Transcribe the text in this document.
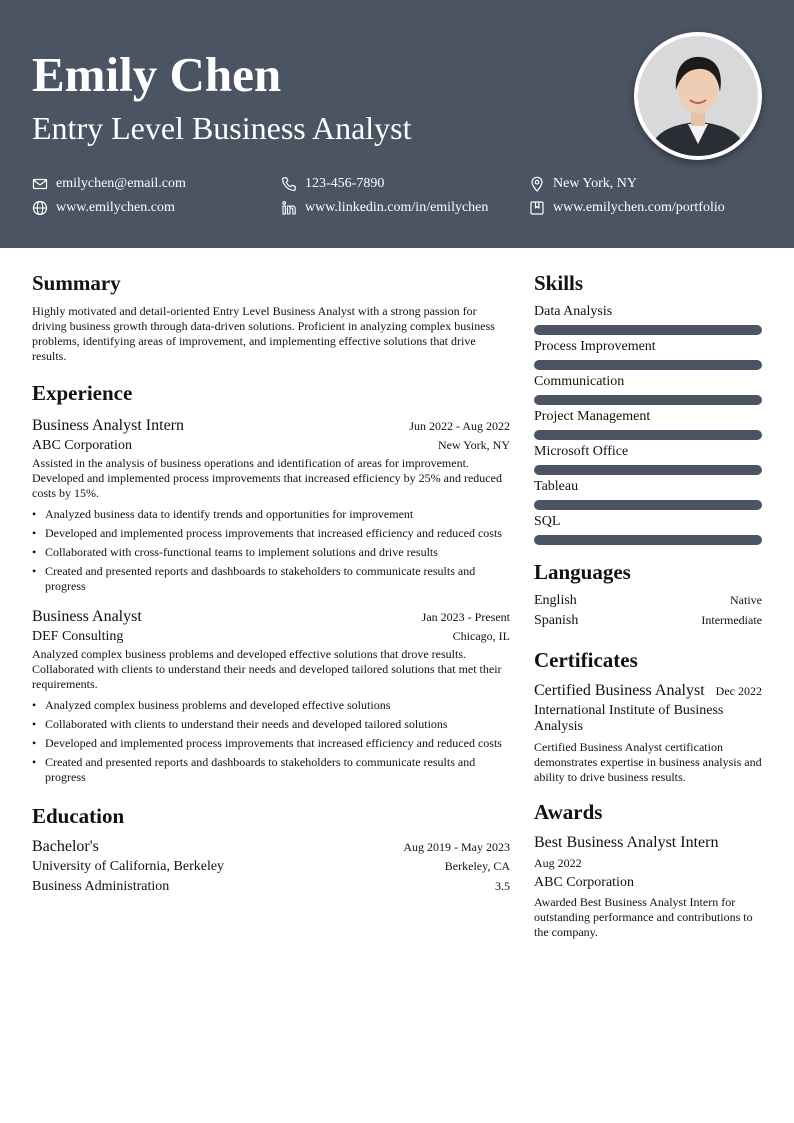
Emily Chen
Entry Level Business Analyst
emilychen@email.com	123-456-7890	New York, NY
www.emilychen.com	www.linkedin.com/in/emilychen	www.emilychen.com/portfolio
Summary

Highly motivated and detail-oriented Entry Level Business Analyst with a strong passion for driving business growth through data-driven solutions. Proficient in analyzing complex business problems, identifying areas of improvement, and implementing effective solutions that drive results.

Experience
Business Analyst Intern	Jun 2022 - Aug 2022
ABC Corporation	New York, NY

Assisted in the analysis of business operations and identification of areas for improvement. Developed and implemented process improvements that increased efficiency by 25% and reduced costs by 15%.

• Analyzed business data to identify trends and opportunities for improvement
• Developed and implemented process improvements that increased efficiency and reduced costs
• Collaborated with cross-functional teams to implement solutions and drive results
• Created and presented reports and dashboards to stakeholders to communicate results and progress
Business Analyst	Jan 2023 - Present
DEF Consulting	Chicago, IL

Analyzed complex business problems and developed effective solutions that drove results. Collaborated with clients to understand their needs and developed tailored solutions that met their requirements.

• Analyzed complex business problems and developed effective solutions
• Collaborated with clients to understand their needs and developed tailored solutions
• Developed and implemented process improvements that increased efficiency and reduced costs
• Created and presented reports and dashboards to stakeholders to communicate results and progress
Education
Bachelor's	Aug 2019 - May 2023
University of California, Berkeley	Berkeley, CA
Business Administration	3.5
Skills
Data Analysis
Process Improvement
Communication
Project Management
Microsoft Office
Tableau
SQL
Languages
English	Native
Spanish	Intermediate
Certificates
Certified Business Analyst Dec 2022
International Institute of Business Analysis

Certified Business Analyst certification demonstrates expertise in business analysis and ability to drive business results.

Awards
Best Business Analyst Intern
Aug 2022
ABC Corporation

Awarded Best Business Analyst Intern for outstanding performance and contributions to the company.
